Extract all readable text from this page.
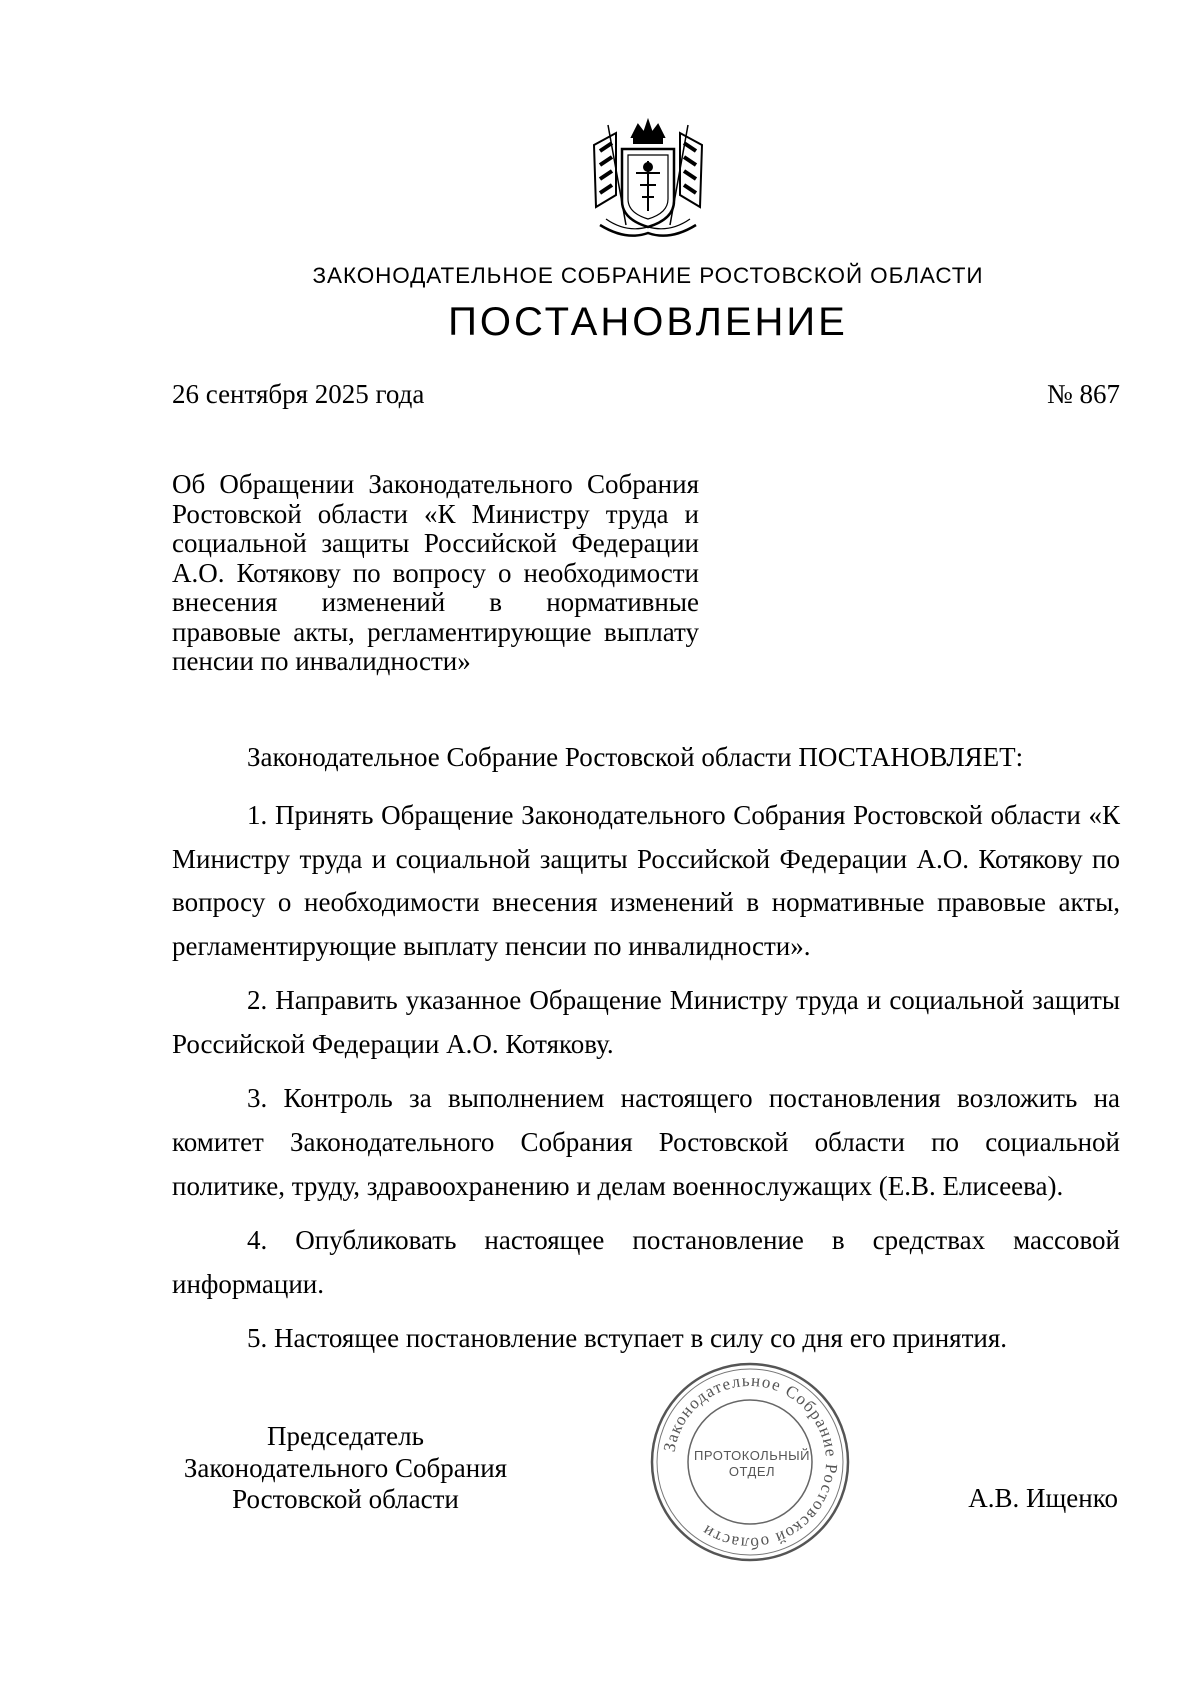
ЗАКОНОДАТЕЛЬНОЕ СОБРАНИЕ РОСТОВСКОЙ ОБЛАСТИ
ПОСТАНОВЛЕНИЕ
26 сентября 2025 года	№ 867
Об Обращении Законодательного Собрания Ростовской области «К Министру труда и социальной защиты Российской Федерации А.О. Котякову по вопросу о необходимости внесения изменений в нормативные правовые акты, регламентирующие выплату пенсии по инвалидности»
Законодательное Собрание Ростовской области ПОСТАНОВЛЯЕТ:

1. Принять Обращение Законодательного Собрания Ростовской области «К Министру труда и социальной защиты Российской Федерации А.О. Котякову по вопросу о необходимости внесения изменений в нормативные правовые акты, регламентирующие выплату пенсии по инвалидности».

2. Направить указанное Обращение Министру труда и социальной защиты Российской Федерации А.О. Котякову.

3. Контроль за выполнением настоящего постановления возложить на комитет Законодательного Собрания Ростовской области по социальной политике, труду, здравоохранению и делам военнослужащих (Е.В. Елисеева).

4. Опубликовать настоящее постановление в средствах массовой информации.

5. Настоящее постановление вступает в силу со дня его принятия.

Председатель
Законодательного Собрания
Ростовской области	А.В. Ищенко
Законодательное Собрание Ростовской области
ПРОТОКОЛЬНЫЙ
ОТДЕЛ
